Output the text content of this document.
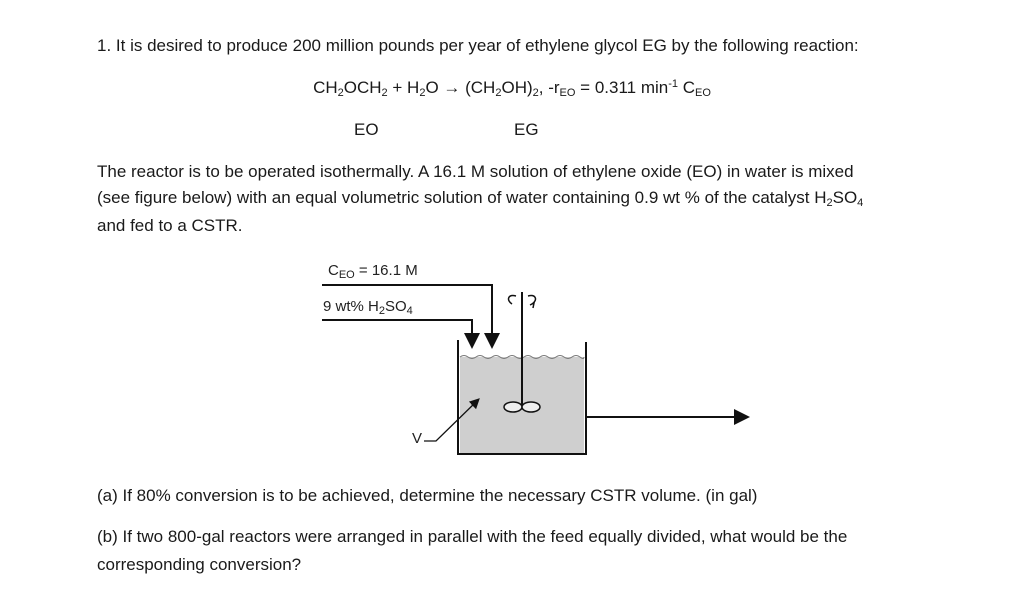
1. It is desired to produce 200 million pounds per year of ethylene glycol EG by the following reaction:
$CH_2OCH_2 + H_2O \to (CH_2OH)_2$, $-r_{EO} = 0.311$ $\min^{-1} C_{EO}$
EO	EG
The reactor is to be operated isothermally. A 16.1 M solution of ethylene oxide (EO) in water is mixed
(see figure below) with an equal volumetric solution of water containing 0.9 wt % of the catalyst $H_2SO_4$
and fed to a CSTR.
$C_{EO} = 16.1$ M
9 wt% $H_2SO_4$
V
(a) If 80% conversion is to be achieved, determine the necessary CSTR volume. (in gal)
(b) If two 800-gal reactors were arranged in parallel with the feed equally divided, what would be the
corresponding conversion?
